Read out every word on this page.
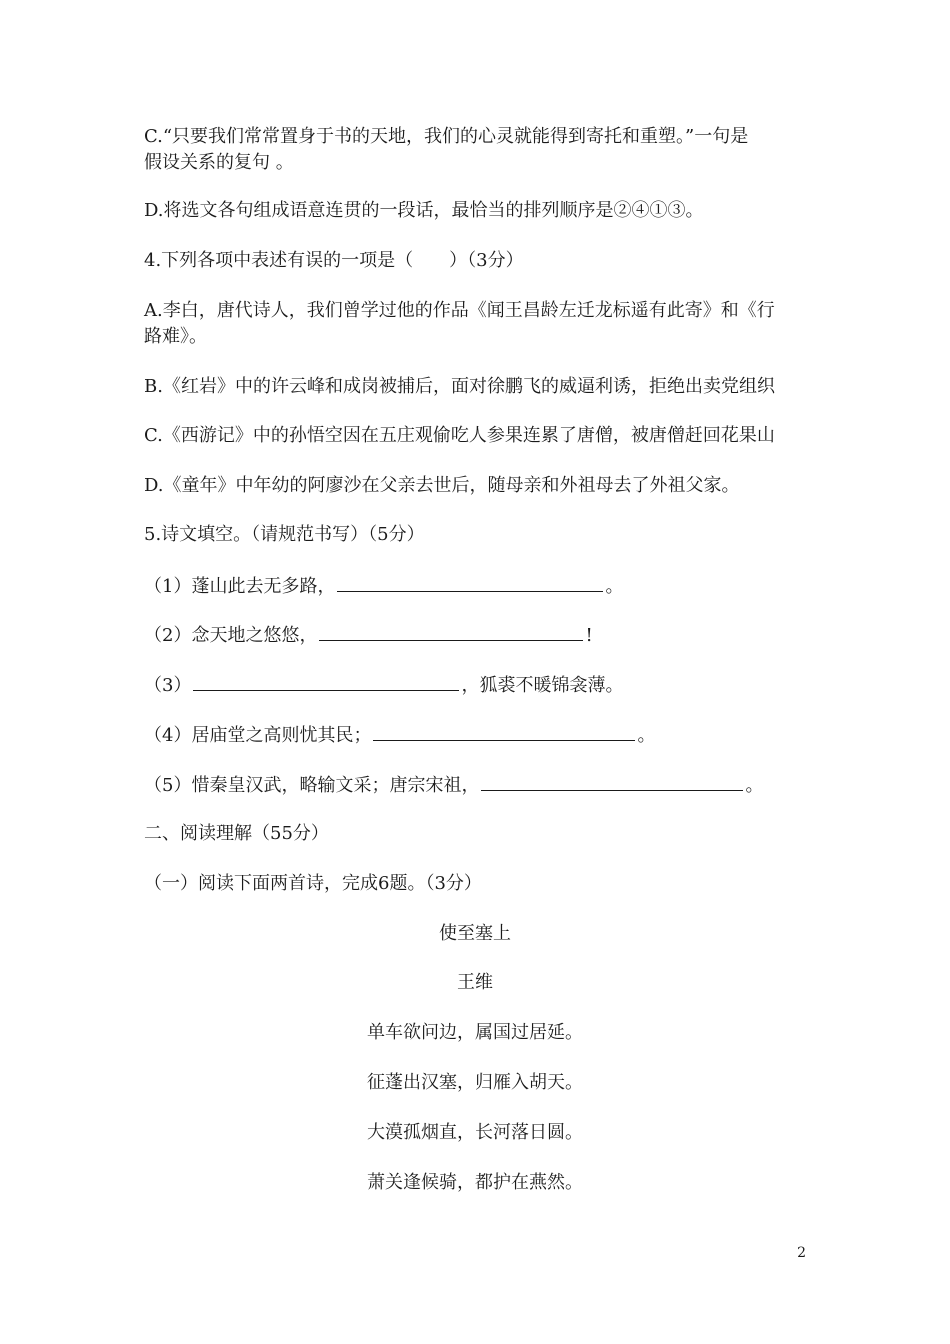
C.“只要我们常常置身于书的天地，我们的心灵就能得到寄托和重塑。”一句是
假设关系的复句 。
D.将选文各句组成语意连贯的一段话，最恰当的排列顺序是②④①③。
4.下列各项中表述有误的一项是（　　）（3分）
A.李白，唐代诗人，我们曾学过他的作品《闻王昌龄左迁龙标遥有此寄》和《行
路难》。
B.《红岩》中的许云峰和成岗被捕后，面对徐鹏飞的威逼利诱，拒绝出卖党组织
C.《西游记》中的孙悟空因在五庄观偷吃人参果连累了唐僧，被唐僧赶回花果山
D.《童年》中年幼的阿廖沙在父亲去世后，随母亲和外祖母去了外祖父家。
5.诗文填空。（请规范书写）（5分）
（1）蓬山此去无多路，	。
（2）念天地之悠悠，	!
（3）	，狐裘不暖锦衾薄。
（4）居庙堂之高则忧其民；	。
（5）惜秦皇汉武，略输文采；唐宗宋祖，	。
二、阅读理解（55分）
（一）阅读下面两首诗，完成6题。（3分）
使至塞上
王维
单车欲问边，属国过居延。
征蓬出汉塞，归雁入胡天。
大漠孤烟直，长河落日圆。
萧关逢候骑，都护在燕然。
2
